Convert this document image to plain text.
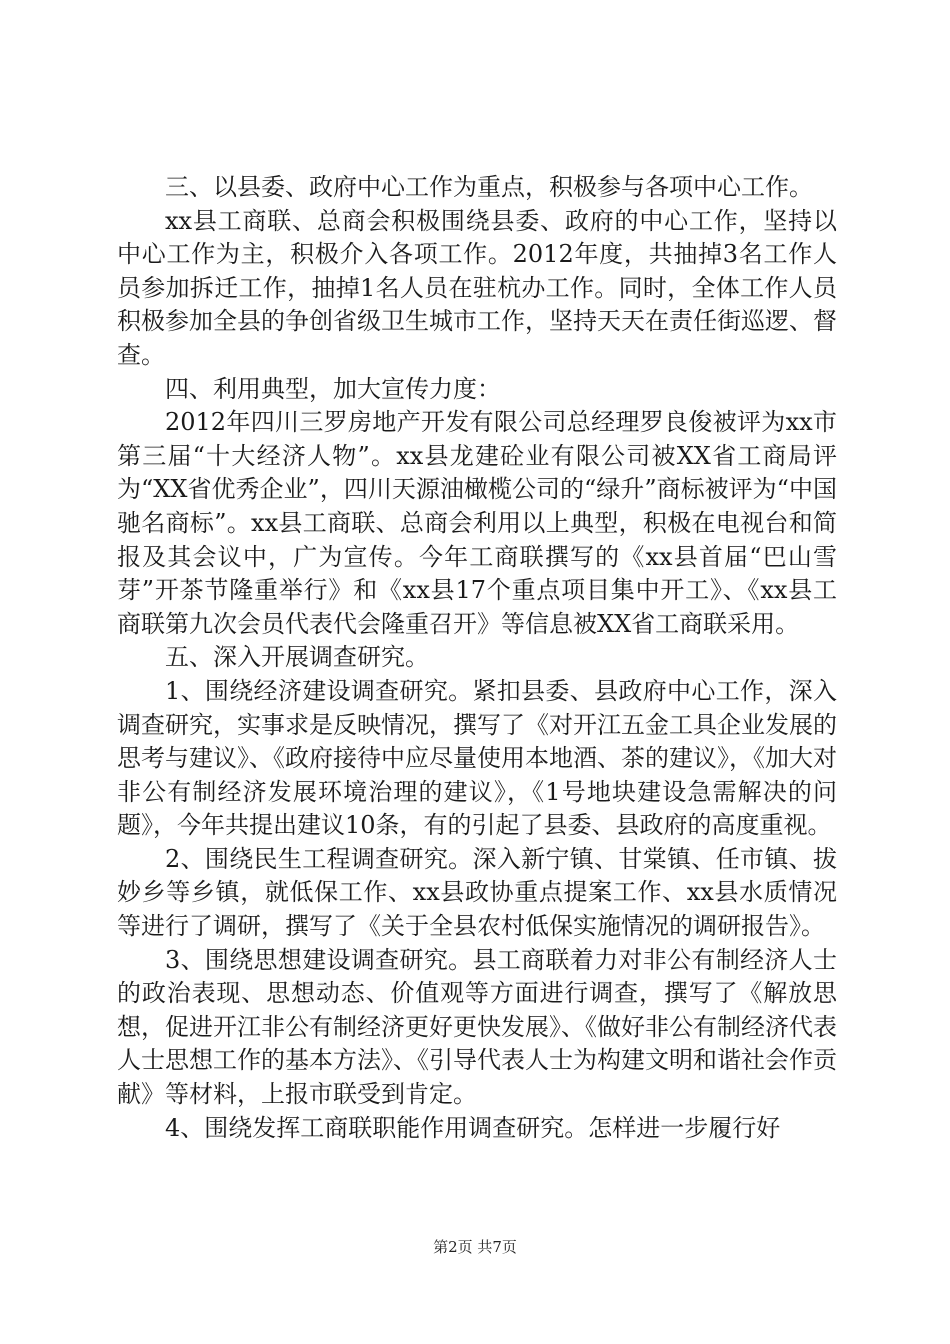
三、以县委、政府中心工作为重点，积极参与各项中心工作。

xx县工商联、总商会积极围绕县委、政府的中心工作，坚持以中心工作为主，积极介入各项工作。2012年度，共抽掉3名工作人员参加拆迁工作，抽掉1名人员在驻杭办工作。同时，全体工作人员积极参加全县的争创省级卫生城市工作，坚持天天在责任街巡逻、督查。

四、利用典型，加大宣传力度：

2012年四川三罗房地产开发有限公司总经理罗良俊被评为xx市第三届“十大经济人物”。xx县龙建砼业有限公司被XX省工商局评为“XX省优秀企业”，四川天源油橄榄公司的“绿升”商标被评为“中国驰名商标”。xx县工商联、总商会利用以上典型，积极在电视台和简报及其会议中，广为宣传。今年工商联撰写的《xx县首届“巴山雪芽”开茶节隆重举行》和《xx县17个重点项目集中开工》、《xx县工商联第九次会员代表代会隆重召开》等信息被XX省工商联采用。

五、深入开展调查研究。

1、围绕经济建设调查研究。紧扣县委、县政府中心工作，深入调查研究，实事求是反映情况，撰写了《对开江五金工具企业发展的思考与建议》、《政府接待中应尽量使用本地酒、茶的建议》，《加大对非公有制经济发展环境治理的建议》，《1号地块建设急需解决的问题》，今年共提出建议10条，有的引起了县委、县政府的高度重视。

2、围绕民生工程调查研究。深入新宁镇、甘棠镇、任市镇、拔妙乡等乡镇，就低保工作、xx县政协重点提案工作、xx县水质情况等进行了调研，撰写了《关于全县农村低保实施情况的调研报告》。

3、围绕思想建设调查研究。县工商联着力对非公有制经济人士的政治表现、思想动态、价值观等方面进行调查，撰写了《解放思想，促进开江非公有制经济更好更快发展》、《做好非公有制经济代表人士思想工作的基本方法》、《引导代表人士为构建文明和谐社会作贡献》等材料，上报市联受到肯定。

4、围绕发挥工商联职能作用调查研究。怎样进一步履行好

第2页 共7页
